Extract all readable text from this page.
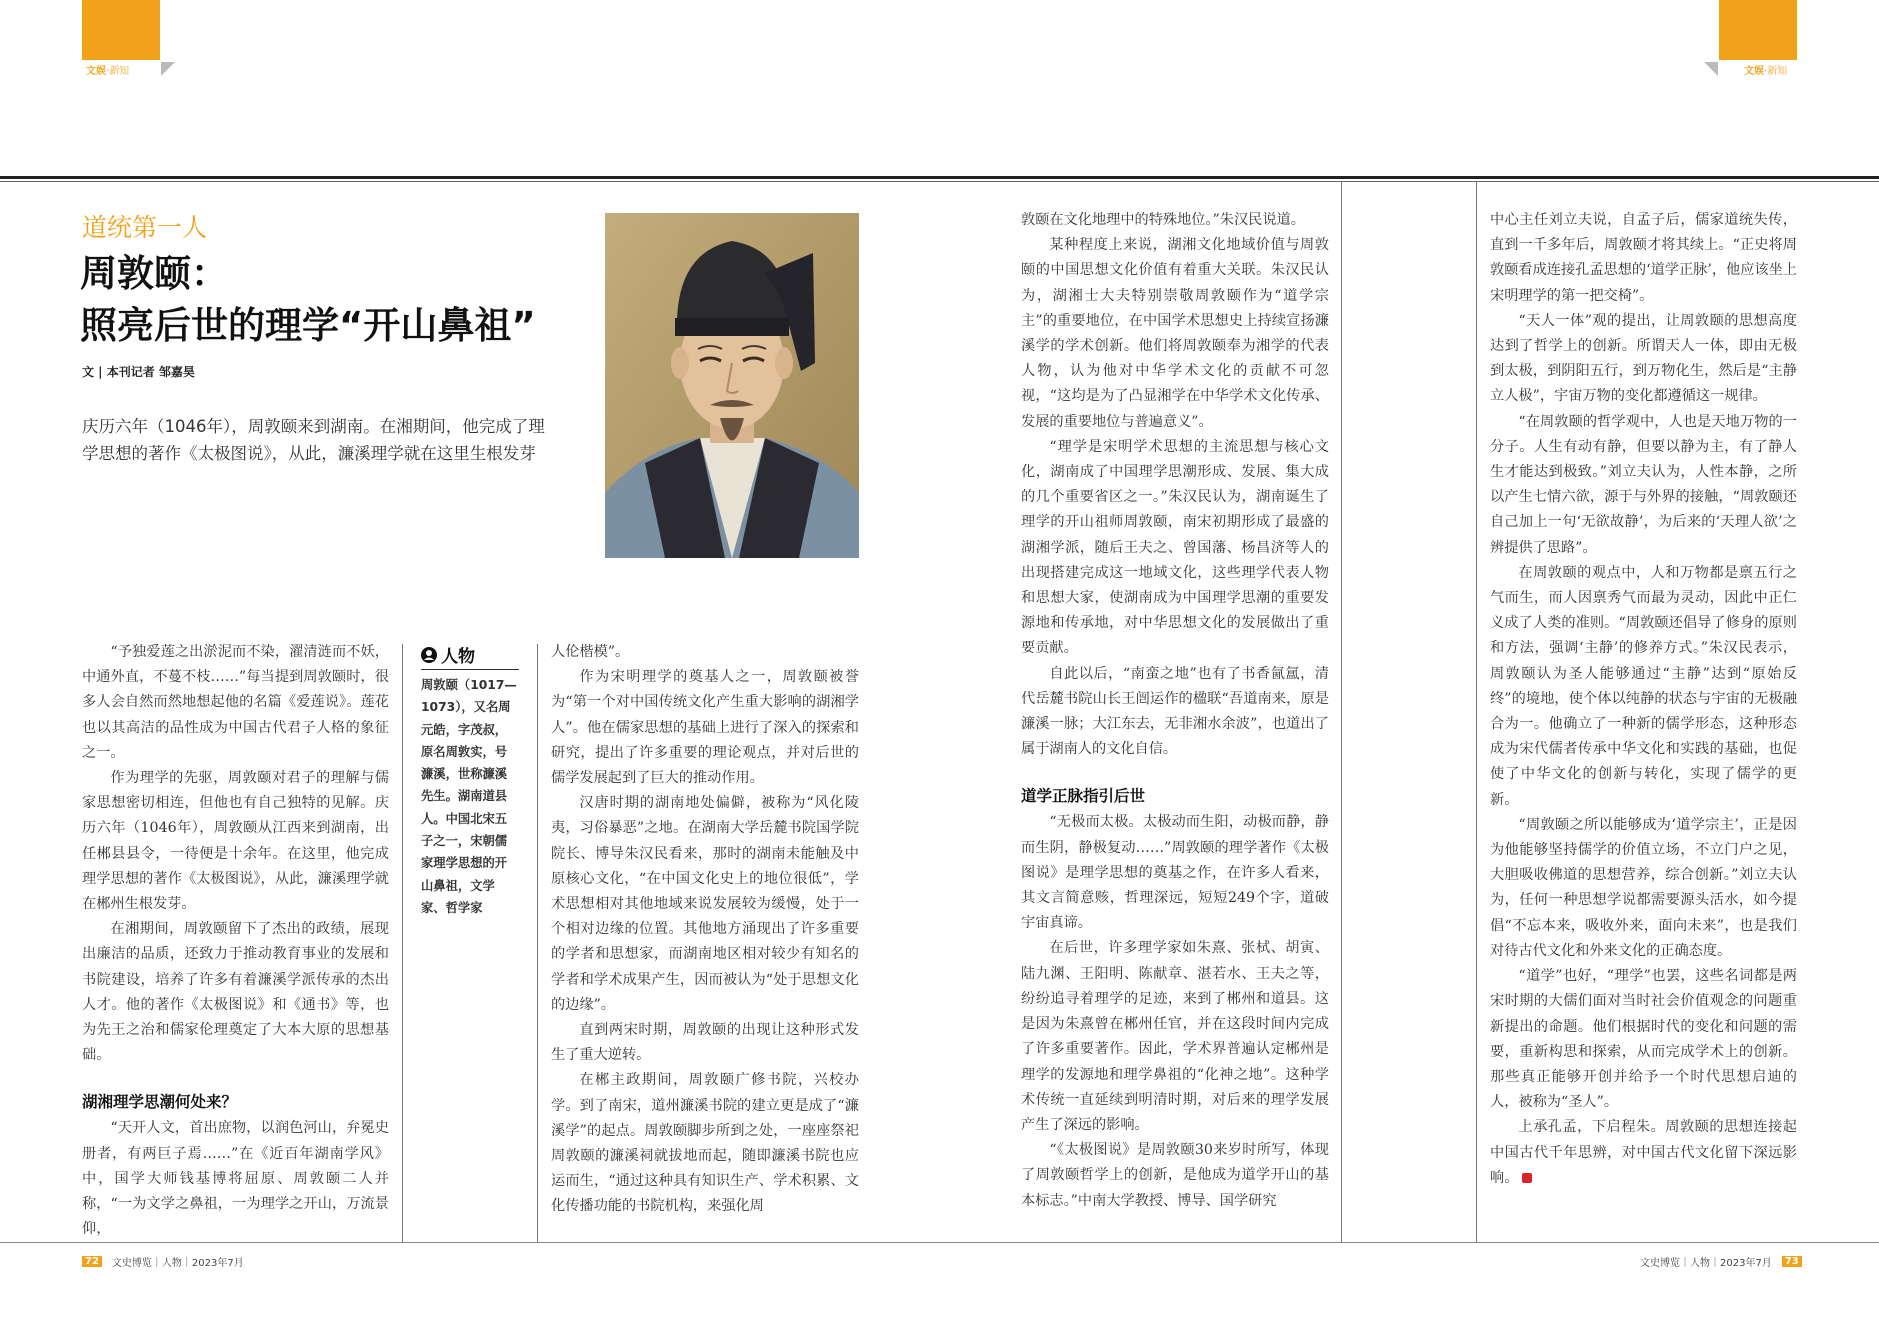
文娱·新知	文娱·新知
道统第一人
周敦颐：
照亮后世的理学“开山鼻祖”
文 | 本刊记者 邹嘉昊
庆历六年（1046年），周敦颐来到湖南。在湘期间，他完成了理学思想的著作《太极图说》，从此，濂溪理学就在这里生根发芽

“予独爱莲之出淤泥而不染，濯清涟而不妖，中通外直，不蔓不枝……”每当提到周敦颐时，很多人会自然而然地想起他的名篇《爱莲说》。莲花也以其高洁的品性成为中国古代君子人格的象征之一。

作为理学的先驱，周敦颐对君子的理解与儒家思想密切相连，但他也有自己独特的见解。庆历六年（1046年），周敦颐从江西来到湖南，出任郴县县令，一待便是十余年。在这里，他完成理学思想的著作《太极图说》，从此，濂溪理学就在郴州生根发芽。

在湘期间，周敦颐留下了杰出的政绩，展现出廉洁的品质，还致力于推动教育事业的发展和书院建设，培养了许多有着濂溪学派传承的杰出人才。他的著作《太极图说》和《通书》等，也为先王之治和儒家伦理奠定了大本大原的思想基础。

湖湘理学思潮何处来？

“天开人文，首出庶物，以润色河山，弁冕史册者，有两巨子焉……”在《近百年湖南学风》中，国学大师钱基博将屈原、周敦颐二人并称，“一为文学之鼻祖，一为理学之开山，万流景仰，

人物
周敦颐（1017—1073），又名周元皓，字茂叔，原名周敦实，号濂溪，世称濂溪先生。湖南道县人。中国北宋五子之一，宋朝儒家理学思想的开山鼻祖，文学家、哲学家

人伦楷模”。

作为宋明理学的奠基人之一，周敦颐被誉为“第一个对中国传统文化产生重大影响的湖湘学人”。他在儒家思想的基础上进行了深入的探索和研究，提出了许多重要的理论观点，并对后世的儒学发展起到了巨大的推动作用。

汉唐时期的湖南地处偏僻，被称为“风化陵夷，习俗暴恶”之地。在湖南大学岳麓书院国学院院长、博导朱汉民看来，那时的湖南未能触及中原核心文化，“在中国文化史上的地位很低”，学术思想相对其他地域来说发展较为缓慢，处于一个相对边缘的位置。其他地方涌现出了许多重要的学者和思想家，而湖南地区相对较少有知名的学者和学术成果产生，因而被认为“处于思想文化的边缘”。

直到两宋时期，周敦颐的出现让这种形式发生了重大逆转。

在郴主政期间，周敦颐广修书院，兴校办学。到了南宋，道州濂溪书院的建立更是成了“濂溪学”的起点。周敦颐脚步所到之处，一座座祭祀周敦颐的濂溪祠就拔地而起，随即濂溪书院也应运而生，“通过这种具有知识生产、学术积累、文化传播功能的书院机构，来强化周

敦颐在文化地理中的特殊地位。”朱汉民说道。

某种程度上来说，湖湘文化地域价值与周敦颐的中国思想文化价值有着重大关联。朱汉民认为，湖湘士大夫特别崇敬周敦颐作为“道学宗主”的重要地位，在中国学术思想史上持续宣扬濂溪学的学术创新。他们将周敦颐奉为湘学的代表人物，认为他对中华学术文化的贡献不可忽视，“这均是为了凸显湘学在中华学术文化传承、发展的重要地位与普遍意义”。

“理学是宋明学术思想的主流思想与核心文化，湖南成了中国理学思潮形成、发展、集大成的几个重要省区之一。”朱汉民认为，湖南诞生了理学的开山祖师周敦颐，南宋初期形成了最盛的湖湘学派，随后王夫之、曾国藩、杨昌济等人的出现搭建完成这一地域文化，这些理学代表人物和思想大家，使湖南成为中国理学思潮的重要发源地和传承地，对中华思想文化的发展做出了重要贡献。

自此以后，“南蛮之地”也有了书香氤氲，清代岳麓书院山长王闿运作的楹联“吾道南来，原是濂溪一脉；大江东去，无非湘水余波”，也道出了属于湖南人的文化自信。

道学正脉指引后世

“无极而太极。太极动而生阳，动极而静，静而生阴，静极复动……”周敦颐的理学著作《太极图说》是理学思想的奠基之作，在许多人看来，其文言简意赅，哲理深远，短短249个字，道破宇宙真谛。

在后世，许多理学家如朱熹、张栻、胡寅、陆九渊、王阳明、陈献章、湛若水、王夫之等，纷纷追寻着理学的足迹，来到了郴州和道县。这是因为朱熹曾在郴州任官，并在这段时间内完成了许多重要著作。因此，学术界普遍认定郴州是理学的发源地和理学鼻祖的“化神之地”。这种学术传统一直延续到明清时期，对后来的理学发展产生了深远的影响。

“《太极图说》是周敦颐30来岁时所写，体现了周敦颐哲学上的创新，是他成为道学开山的基本标志。”中南大学教授、博导、国学研究

中心主任刘立夫说，自孟子后，儒家道统失传，直到一千多年后，周敦颐才将其续上。“正史将周敦颐看成连接孔孟思想的‘道学正脉’，他应该坐上宋明理学的第一把交椅”。

“天人一体”观的提出，让周敦颐的思想高度达到了哲学上的创新。所谓天人一体，即由无极到太极，到阴阳五行，到万物化生，然后是“主静立人极”，宇宙万物的变化都遵循这一规律。

“在周敦颐的哲学观中，人也是天地万物的一分子。人生有动有静，但要以静为主，有了静人生才能达到极致。”刘立夫认为，人性本静，之所以产生七情六欲，源于与外界的接触，“周敦颐还自己加上一句‘无欲故静’，为后来的‘天理人欲’之辨提供了思路”。

在周敦颐的观点中，人和万物都是禀五行之气而生，而人因禀秀气而最为灵动，因此中正仁义成了人类的准则。“周敦颐还倡导了修身的原则和方法，强调‘主静’的修养方式。”朱汉民表示，周敦颐认为圣人能够通过“主静”达到“原始反终”的境地，使个体以纯静的状态与宇宙的无极融合为一。他确立了一种新的儒学形态，这种形态成为宋代儒者传承中华文化和实践的基础，也促使了中华文化的创新与转化，实现了儒学的更新。

“周敦颐之所以能够成为‘道学宗主’，正是因为他能够坚持儒学的价值立场，不立门户之见，大胆吸收佛道的思想营养，综合创新。”刘立夫认为，任何一种思想学说都需要源头活水，如今提倡“不忘本来，吸收外来，面向未来”，也是我们对待古代文化和外来文化的正确态度。

“道学”也好，“理学”也罢，这些名词都是两宋时期的大儒们面对当时社会价值观念的问题重新提出的命题。他们根据时代的变化和问题的需要，重新构思和探索，从而完成学术上的创新。那些真正能够开创并给予一个时代思想启迪的人，被称为“圣人”。

上承孔孟，下启程朱。周敦颐的思想连接起中国古代千年思辨，对中国古代文化留下深远影响。

72	文史博览｜人物｜2023年7月	文史博览｜人物｜2023年7月	73
